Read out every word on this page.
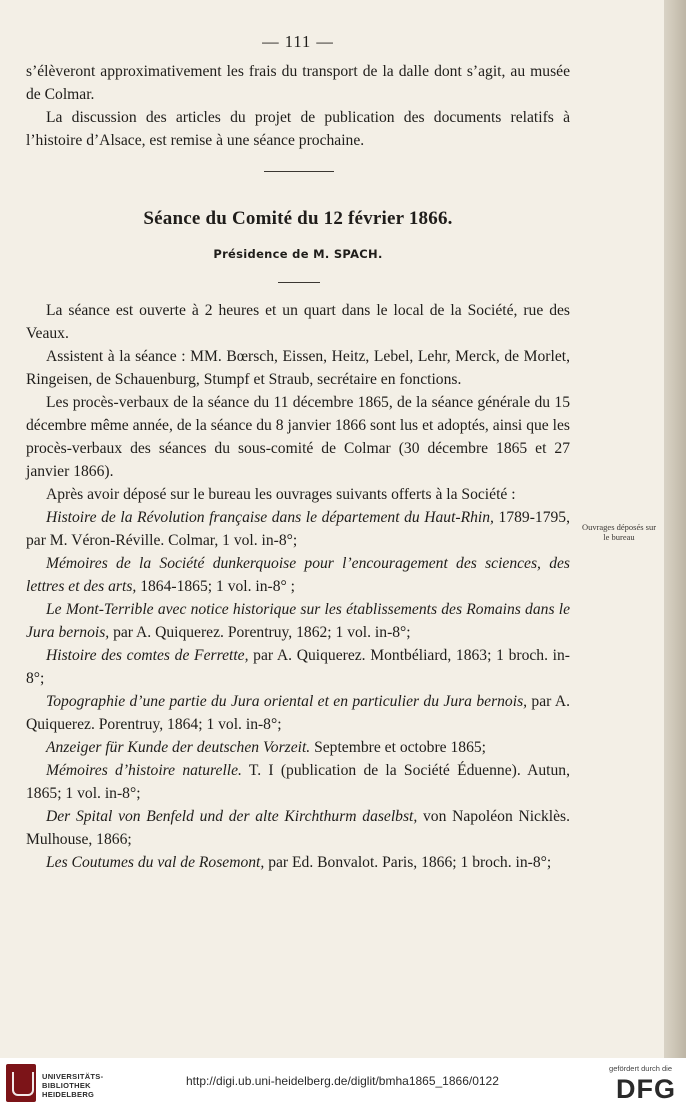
— 111 —

s’élèveront approximativement les frais du transport de la dalle dont s’agit, au musée de Colmar.

La discussion des articles du projet de publication des documents relatifs à l’histoire d’Alsace, est remise à une séance prochaine.

Séance du Comité du 12 février 1866.
Présidence de M. SPACH.

La séance est ouverte à 2 heures et un quart dans le local de la Société, rue des Veaux.

Assistent à la séance : MM. Bœrsch, Eissen, Heitz, Lebel, Lehr, Merck, de Morlet, Ringeisen, de Schauenburg, Stumpf et Straub, secrétaire en fonctions.

Les procès-verbaux de la séance du 11 décembre 1865, de la séance générale du 15 décembre même année, de la séance du 8 janvier 1866 sont lus et adoptés, ainsi que les procès-verbaux des séances du sous-comité de Colmar (30 décembre 1865 et 27 janvier 1866).

Après avoir déposé sur le bureau les ouvrages suivants offerts à la Société :

Histoire de la Révolution française dans le département du Haut-Rhin, 1789-1795, par M. Véron-Réville. Colmar, 1 vol. in-8°;

Mémoires de la Société dunkerquoise pour l’encouragement des sciences, des lettres et des arts, 1864-1865; 1 vol. in-8° ;

Le Mont-Terrible avec notice historique sur les établissements des Romains dans le Jura bernois, par A. Quiquerez. Porentruy, 1862; 1 vol. in-8°;

Histoire des comtes de Ferrette, par A. Quiquerez. Montbéliard, 1863; 1 broch. in-8°;

Topographie d’une partie du Jura oriental et en particulier du Jura bernois, par A. Quiquerez. Porentruy, 1864; 1 vol. in-8°;

Anzeiger für Kunde der deutschen Vorzeit. Septembre et octobre 1865;

Mémoires d’histoire naturelle. T. I (publication de la Société Éduenne). Autun, 1865; 1 vol. in-8°;

Der Spital von Benfeld und der alte Kirchthurm daselbst, von Napoléon Nicklès. Mulhouse, 1866;

Les Coutumes du val de Rosemont, par Ed. Bonvalot. Paris, 1866; 1 broch. in-8°;

Ouvrages déposés sur le bureau
UNIVERSITÄTS-
BIBLIOTHEK
HEIDELBERG
http://digi.ub.uni-heidelberg.de/diglit/bmha1865_1866/0122
gefördert durch die
DFG
